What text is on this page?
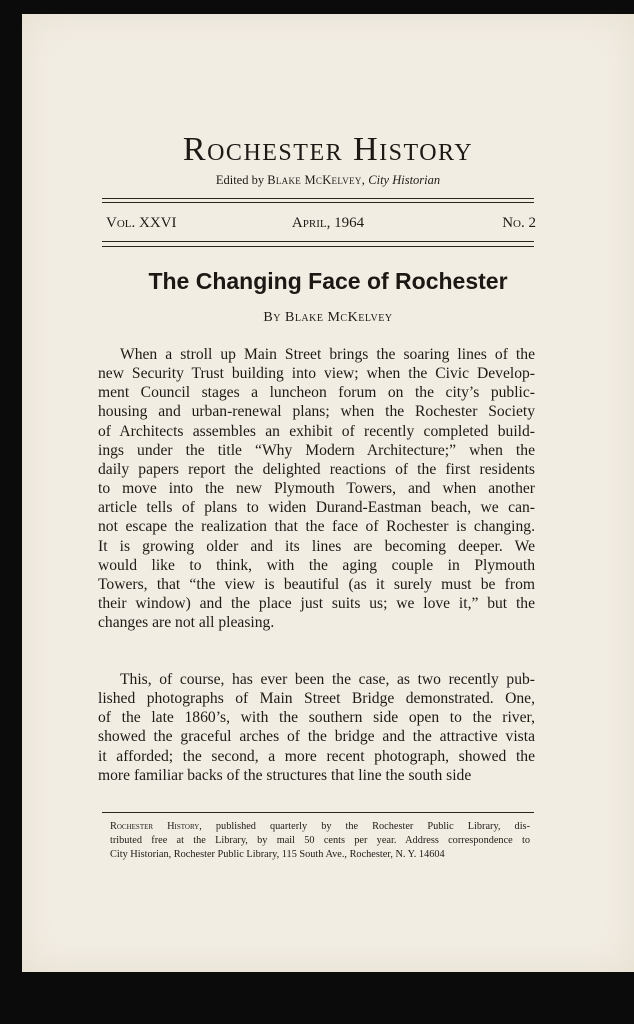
Rochester History
Edited by Blake McKelvey, City Historian
Vol. XXVI	April, 1964	No. 2
The Changing Face of Rochester
By Blake McKelvey
When a stroll up Main Street brings the soaring lines of the
new Security Trust building into view; when the Civic Develop-
ment Council stages a luncheon forum on the city’s public-
housing and urban-renewal plans; when the Rochester Society
of Architects assembles an exhibit of recently completed build-
ings under the title “Why Modern Architecture;” when the
daily papers report the delighted reactions of the first residents
to move into the new Plymouth Towers, and when another
article tells of plans to widen Durand-Eastman beach, we can-
not escape the realization that the face of Rochester is changing.
It is growing older and its lines are becoming deeper. We
would like to think, with the aging couple in Plymouth
Towers, that “the view is beautiful (as it surely must be from
their window) and the place just suits us; we love it,” but the
changes are not all pleasing.
This, of course, has ever been the case, as two recently pub-
lished photographs of Main Street Bridge demonstrated. One,
of the late 1860’s, with the southern side open to the river,
showed the graceful arches of the bridge and the attractive vista
it afforded; the second, a more recent photograph, showed the
more familiar backs of the structures that line the south side
Rochester History, published quarterly by the Rochester Public Library, dis-
tributed free at the Library, by mail 50 cents per year. Address correspondence to
City Historian, Rochester Public Library, 115 South Ave., Rochester, N. Y. 14604
